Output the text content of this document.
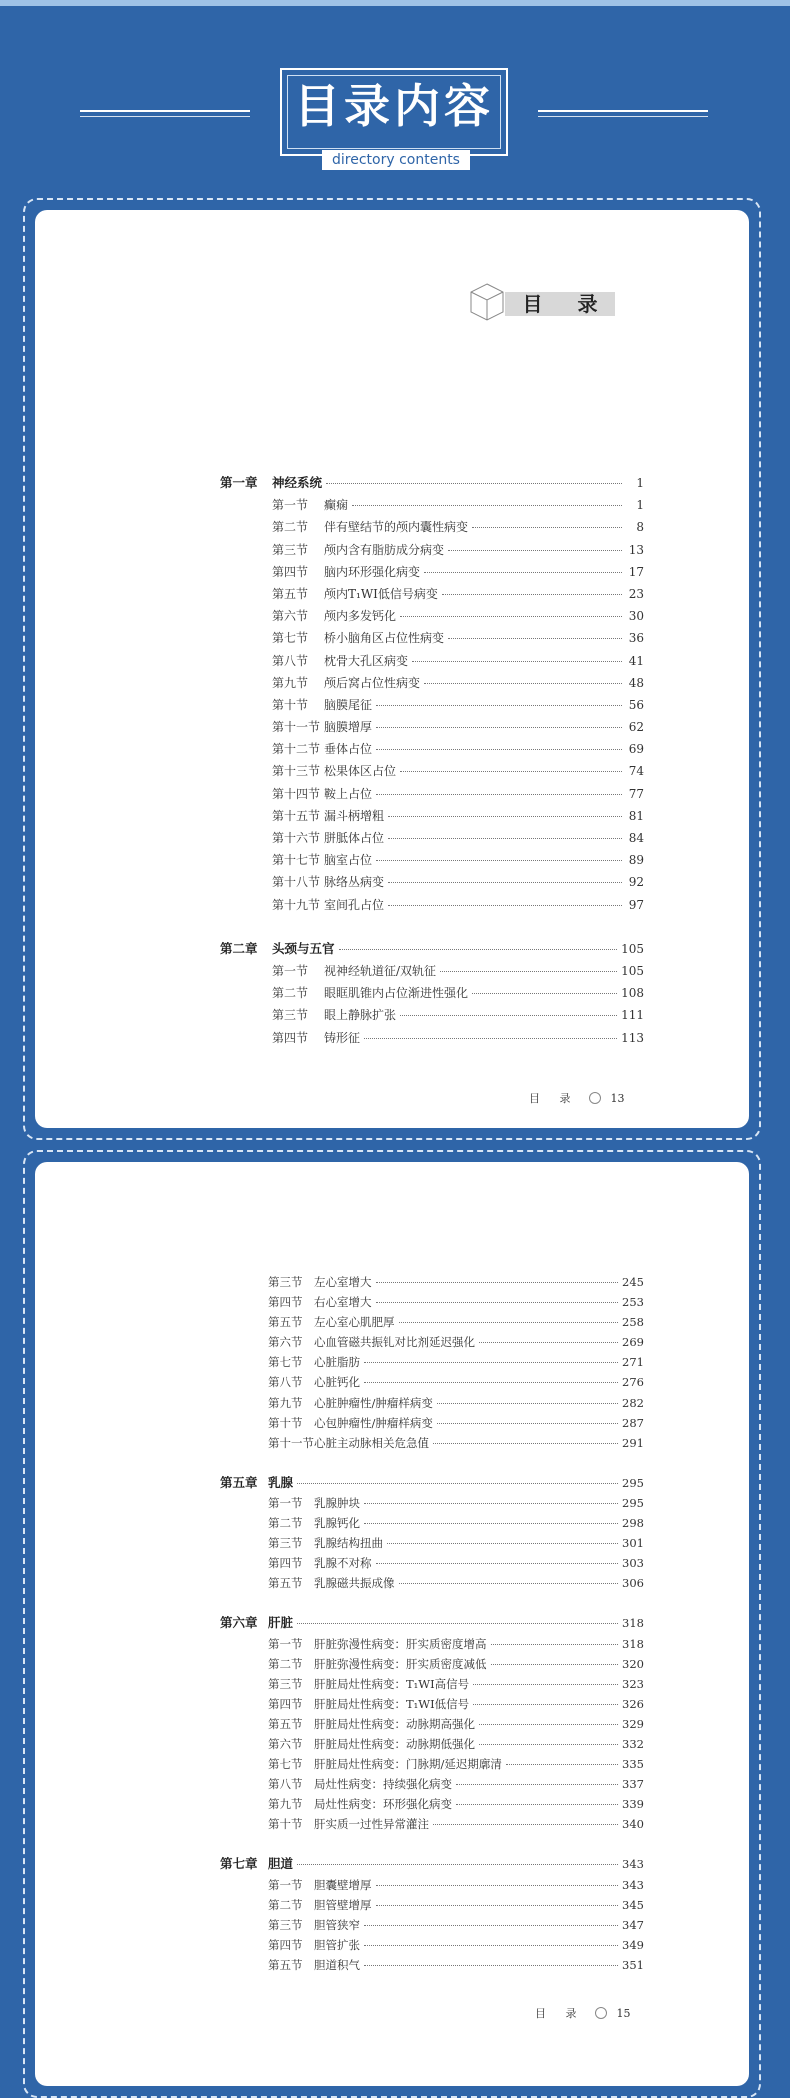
目录内容
directory contents
目 录
第一章	神经系统	1
第一节	癫痫	1
第二节	伴有壁结节的颅内囊性病变	8
第三节	颅内含有脂肪成分病变	13
第四节	脑内环形强化病变	17
第五节	颅内T₁WI低信号病变	23
第六节	颅内多发钙化	30
第七节	桥小脑角区占位性病变	36
第八节	枕骨大孔区病变	41
第九节	颅后窝占位性病变	48
第十节	脑膜尾征	56
第十一节 脑膜增厚	62
第十二节 垂体占位	69
第十三节 松果体区占位	74
第十四节 鞍上占位	77
第十五节 漏斗柄增粗	81
第十六节 胼胝体占位	84
第十七节 脑室占位	89
第十八节 脉络丛病变	92
第十九节 室间孔占位	97
第二章	头颈与五官	105
第一节	视神经轨道征/双轨征	105
第二节	眼眶肌锥内占位渐进性强化	108
第三节	眼上静脉扩张	111
第四节	铸形征	113
目 录	13
第三节	左心室增大	245
第四节	右心室增大	253
第五节	左心室心肌肥厚	258
第六节	心血管磁共振钆对比剂延迟强化	269
第七节	心脏脂肪	271
第八节	心脏钙化	276
第九节	心脏肿瘤性/肿瘤样病变	282
第十节	心包肿瘤性/肿瘤样病变	287
第十一节 心脏主动脉相关危急值	291
第五章 乳腺	295
第一节	乳腺肿块	295
第二节	乳腺钙化	298
第三节	乳腺结构扭曲	301
第四节	乳腺不对称	303
第五节	乳腺磁共振成像	306
第六章 肝脏	318
第一节	肝脏弥漫性病变：肝实质密度增高	318
第二节	肝脏弥漫性病变：肝实质密度减低	320
第三节	肝脏局灶性病变：T₁WI高信号	323
第四节	肝脏局灶性病变：T₁WI低信号	326
第五节	肝脏局灶性病变：动脉期高强化	329
第六节	肝脏局灶性病变：动脉期低强化	332
第七节	肝脏局灶性病变：门脉期/延迟期廓清	335
第八节	局灶性病变：持续强化病变	337
第九节	局灶性病变：环形强化病变	339
第十节	肝实质一过性异常灌注	340
第七章 胆道	343
第一节	胆囊壁增厚	343
第二节	胆管壁增厚	345
第三节	胆管狭窄	347
第四节	胆管扩张	349
第五节	胆道积气	351
目 录	15
